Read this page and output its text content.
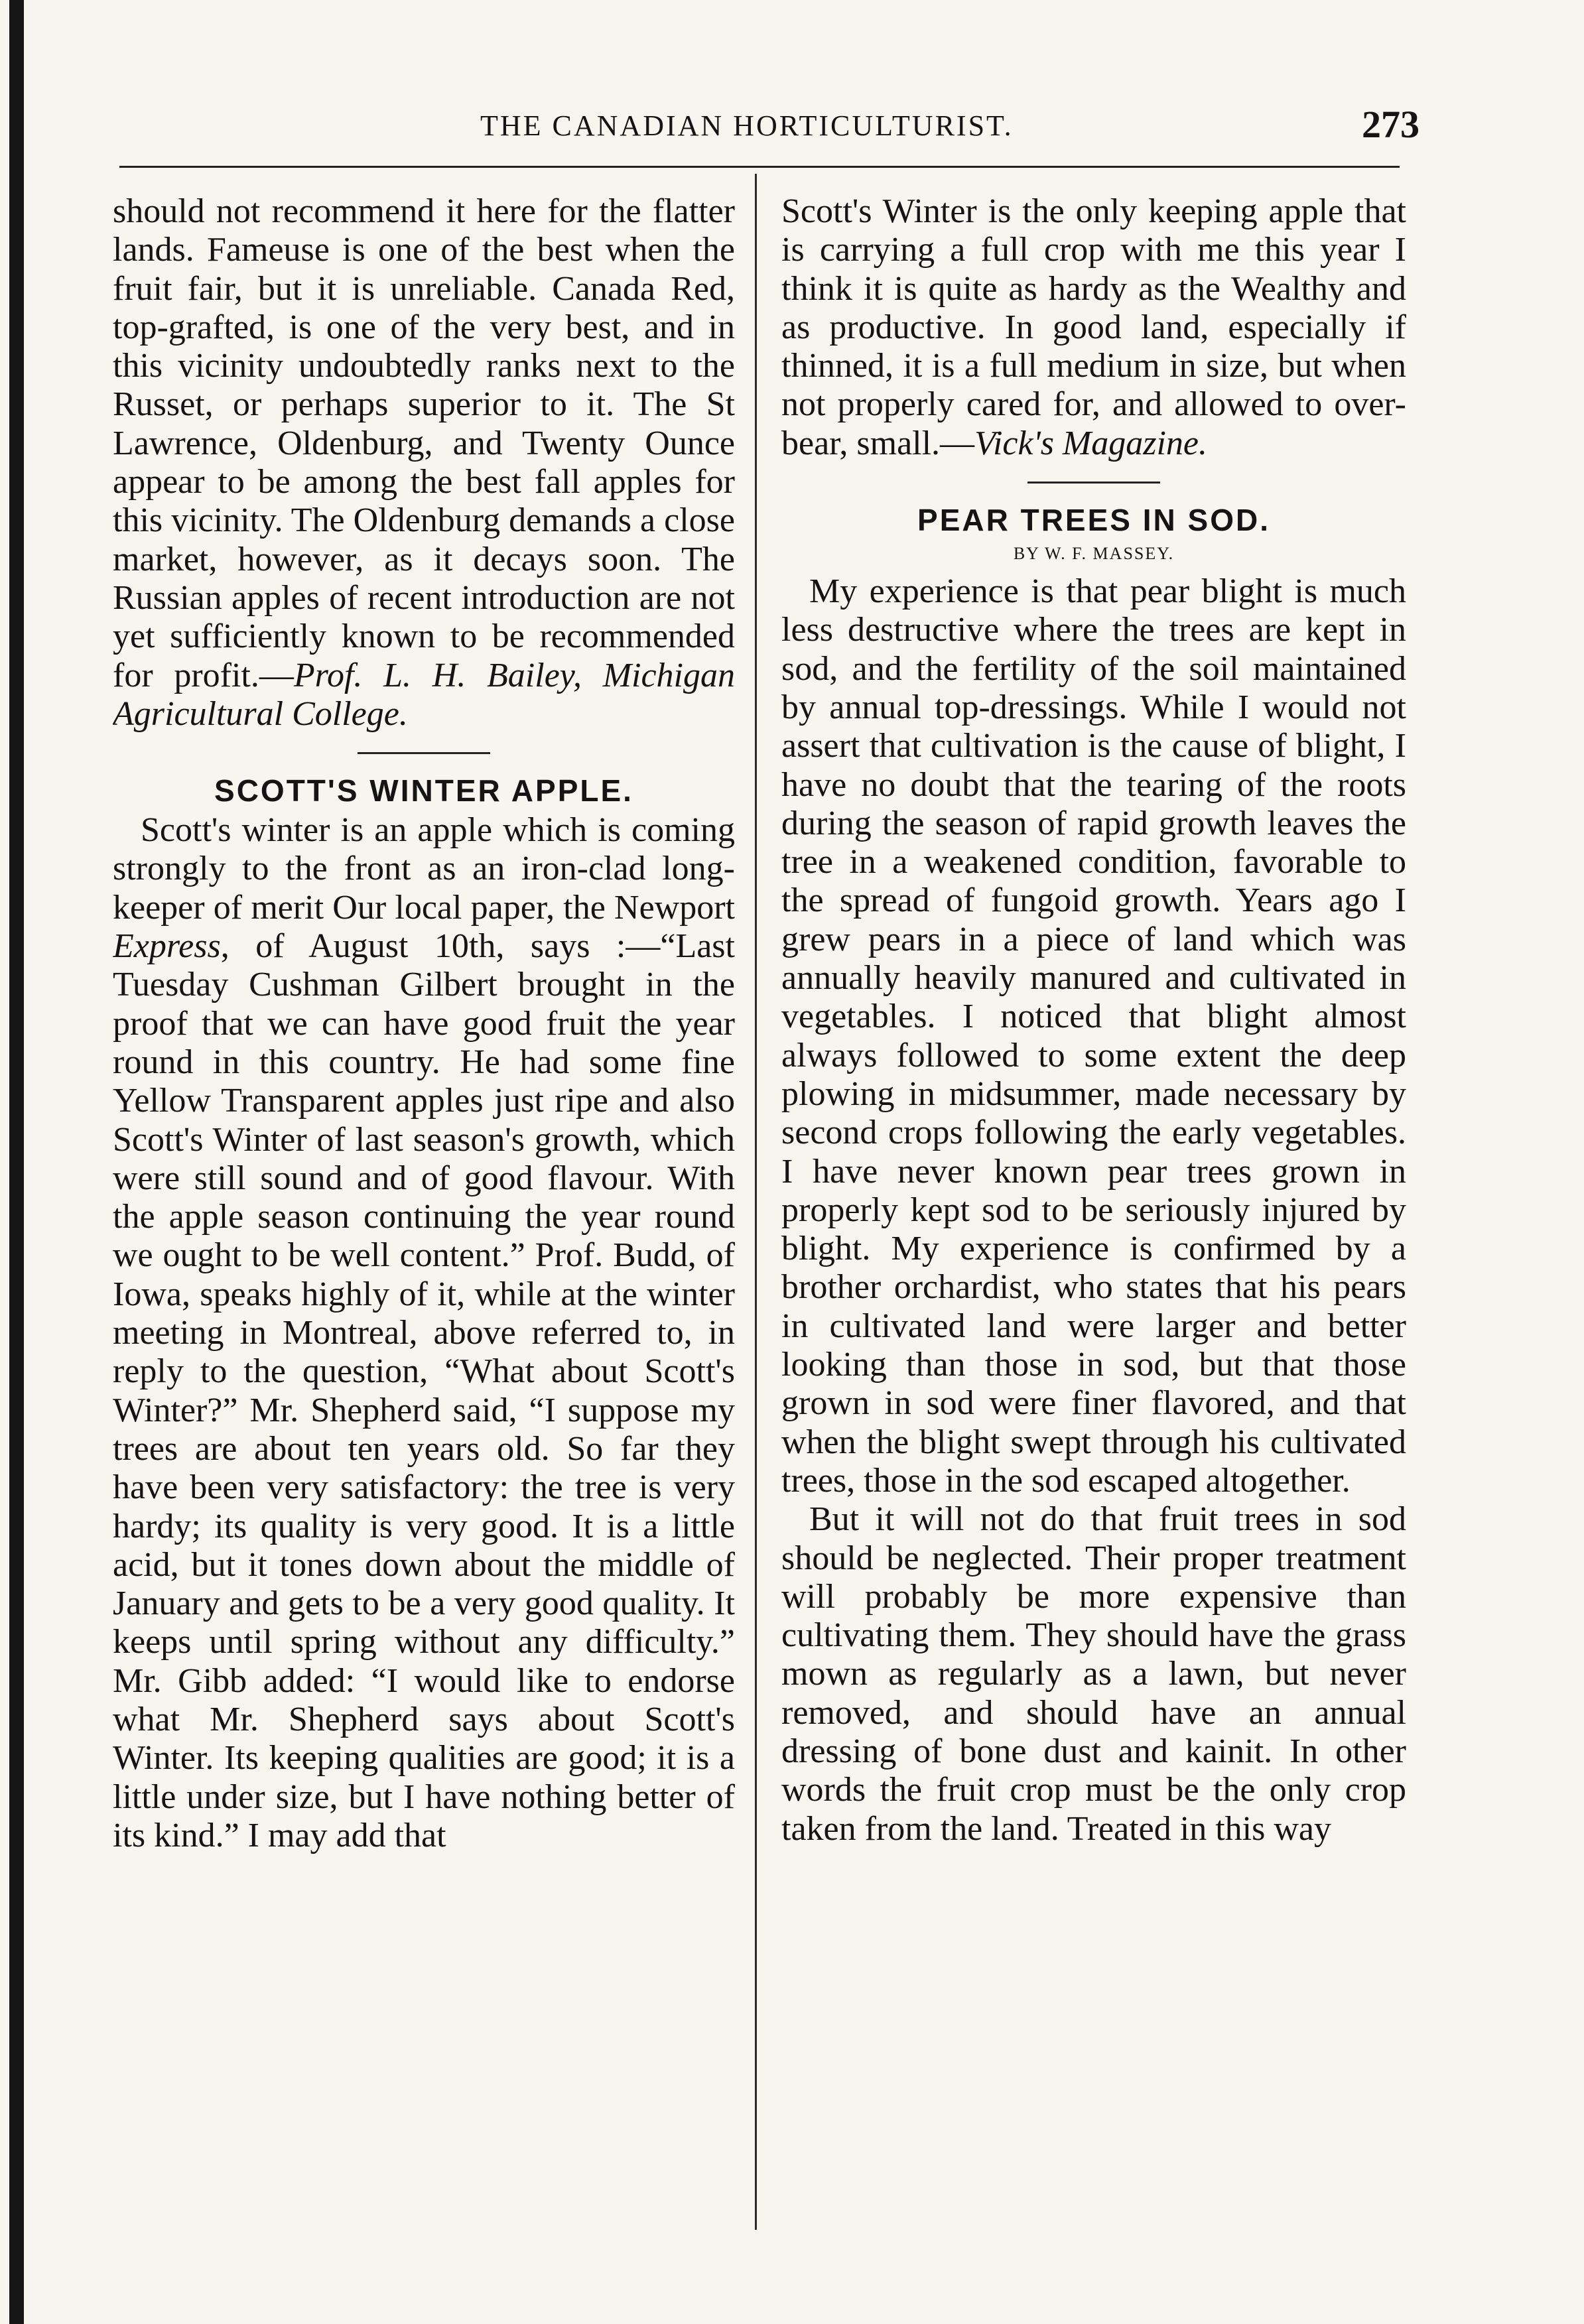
THE CANADIAN HORTICULTURIST.	273

should not recommend it here for the flatter lands. Fameuse is one of the best when the fruit fair, but it is unreliable. Canada Red, top-grafted, is one of the very best, and in this vicinity undoubtedly ranks next to the Russet, or perhaps superior to it. The St Lawrence, Oldenburg, and Twenty Ounce appear to be among the best fall apples for this vicinity. The Oldenburg demands a close market, however, as it decays soon. The Russian apples of recent introduction are not yet sufficiently known to be recommended for profit.—Prof. L. H. Bailey, Michigan Agricultural College.

SCOTT'S WINTER APPLE.

Scott's winter is an apple which is coming strongly to the front as an iron-clad long-keeper of merit Our local paper, the Newport Express, of August 10th, says :—“Last Tuesday Cushman Gilbert brought in the proof that we can have good fruit the year round in this country. He had some fine Yellow Transparent apples just ripe and also Scott's Winter of last season's growth, which were still sound and of good flavour. With the apple season continuing the year round we ought to be well content.” Prof. Budd, of Iowa, speaks highly of it, while at the winter meeting in Montreal, above referred to, in reply to the question, “What about Scott's Winter?” Mr. Shepherd said, “I suppose my trees are about ten years old. So far they have been very satisfactory: the tree is very hardy; its quality is very good. It is a little acid, but it tones down about the middle of January and gets to be a very good quality. It keeps until spring without any difficulty.” Mr. Gibb added: “I would like to endorse what Mr. Shepherd says about Scott's Winter. Its keeping qualities are good; it is a little under size, but I have nothing better of its kind.” I may add that

Scott's Winter is the only keeping apple that is carrying a full crop with me this year I think it is quite as hardy as the Wealthy and as productive. In good land, especially if thinned, it is a full medium in size, but when not properly cared for, and allowed to over-bear, small.—Vick's Magazine.

PEAR TREES IN SOD.
BY W. F. MASSEY.

My experience is that pear blight is much less destructive where the trees are kept in sod, and the fertility of the soil maintained by annual top-dressings. While I would not assert that cultivation is the cause of blight, I have no doubt that the tearing of the roots during the season of rapid growth leaves the tree in a weakened condition, favorable to the spread of fungoid growth. Years ago I grew pears in a piece of land which was annually heavily manured and cultivated in vegetables. I noticed that blight almost always followed to some extent the deep plowing in midsummer, made necessary by second crops following the early vegetables. I have never known pear trees grown in properly kept sod to be seriously injured by blight. My experience is confirmed by a brother orchardist, who states that his pears in cultivated land were larger and better looking than those in sod, but that those grown in sod were finer flavored, and that when the blight swept through his cultivated trees, those in the sod escaped altogether.

But it will not do that fruit trees in sod should be neglected. Their proper treatment will probably be more expensive than cultivating them. They should have the grass mown as regularly as a lawn, but never removed, and should have an annual dressing of bone dust and kainit. In other words the fruit crop must be the only crop taken from the land. Treated in this way
